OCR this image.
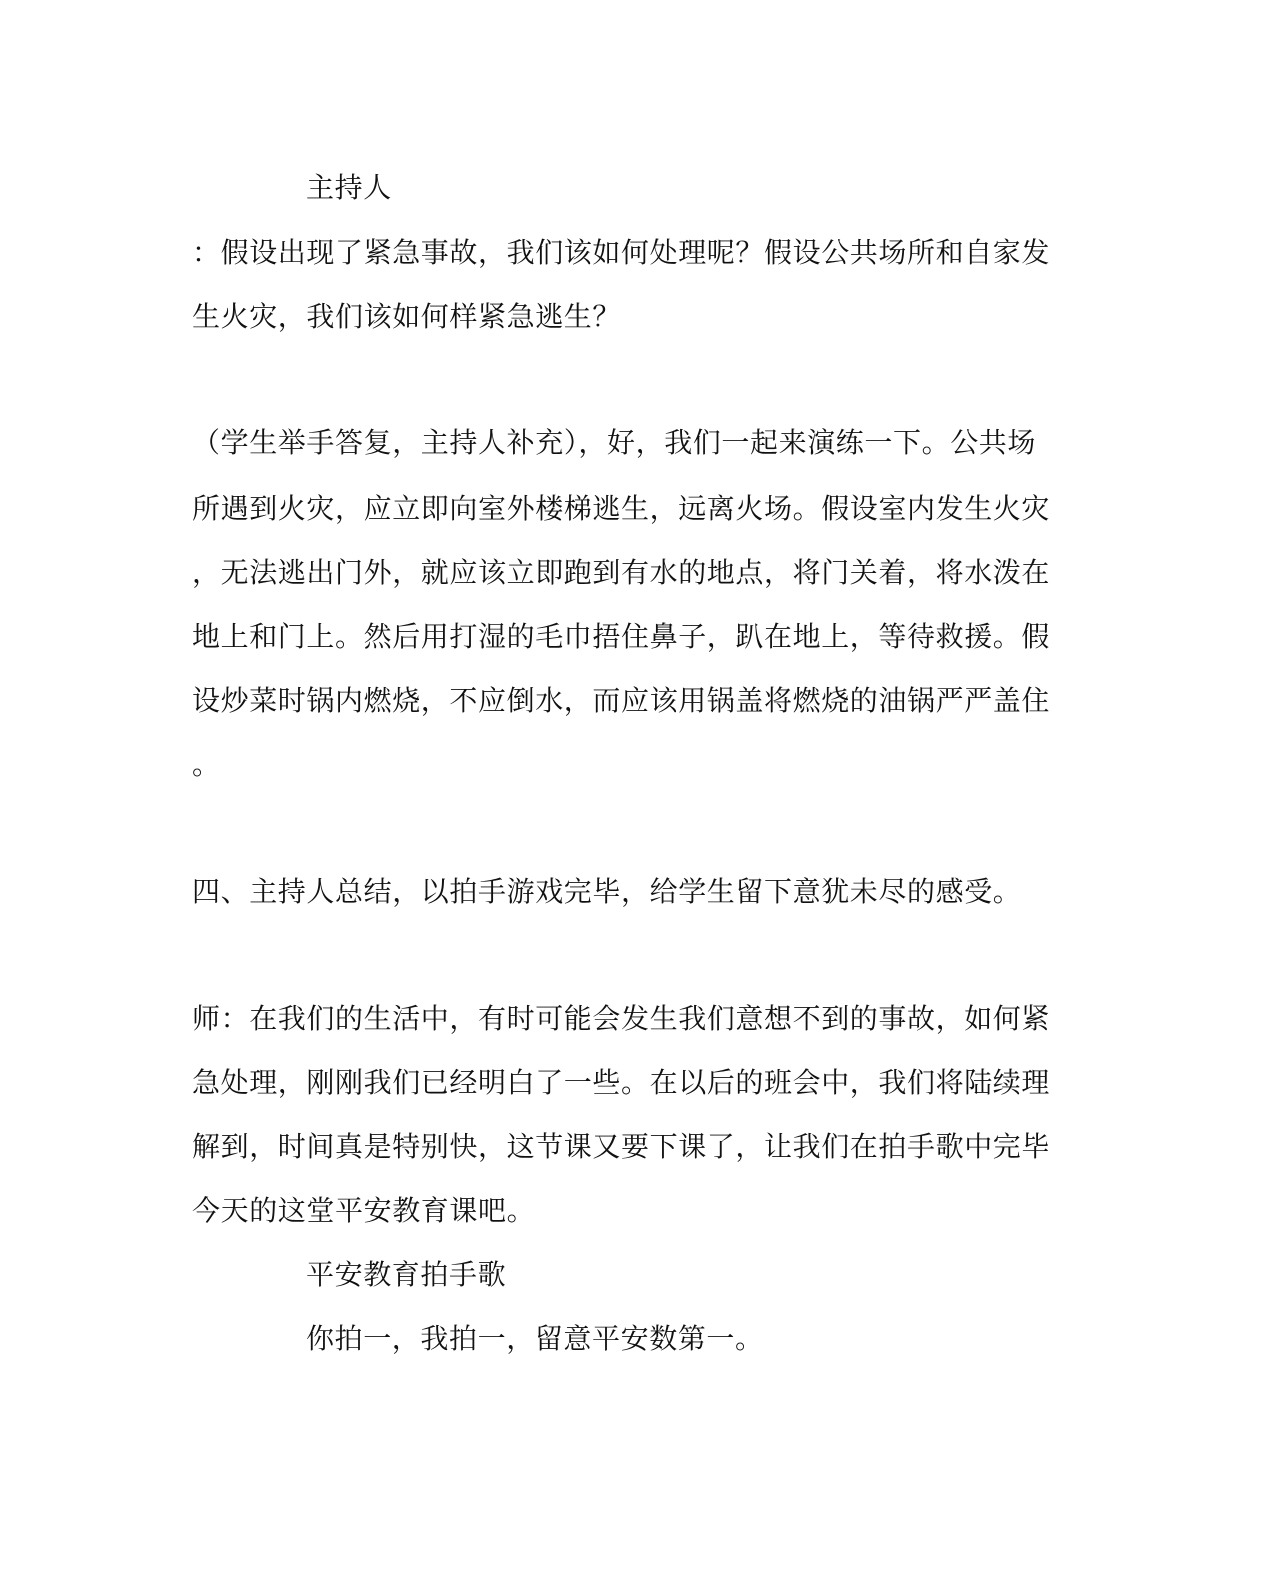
主持人
：假设出现了紧急事故，我们该如何处理呢？假设公共场所和自家发
生火灾，我们该如何样紧急逃生？
（学生举手答复，主持人补充），好，我们一起来演练一下。公共场
所遇到火灾，应立即向室外楼梯逃生，远离火场。假设室内发生火灾
，无法逃出门外，就应该立即跑到有水的地点，将门关着，将水泼在
地上和门上。然后用打湿的毛巾捂住鼻子，趴在地上，等待救援。假
设炒菜时锅内燃烧，不应倒水，而应该用锅盖将燃烧的油锅严严盖住
。
四、主持人总结，以拍手游戏完毕，给学生留下意犹未尽的感受。
师：在我们的生活中，有时可能会发生我们意想不到的事故，如何紧
急处理，刚刚我们已经明白了一些。在以后的班会中，我们将陆续理
解到，时间真是特别快，这节课又要下课了，让我们在拍手歌中完毕
今天的这堂平安教育课吧。
平安教育拍手歌
你拍一，我拍一，留意平安数第一。
